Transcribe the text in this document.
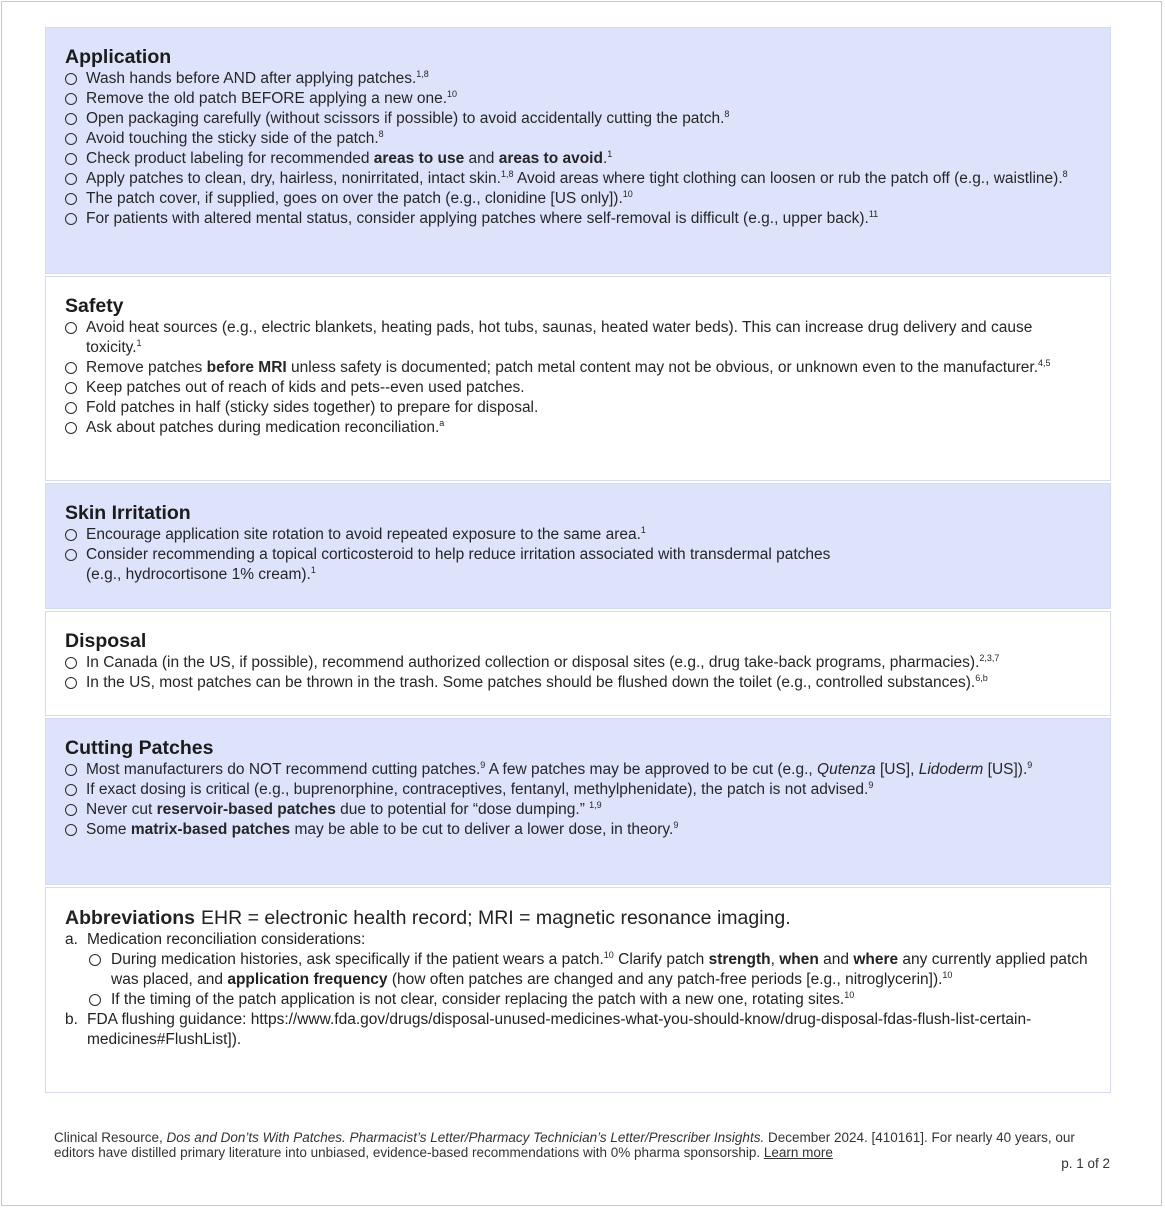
Application
Wash hands before AND after applying patches.$^{1,8}$
Remove the old patch BEFORE applying a new one.$^{10}$
Open packaging carefully (without scissors if possible) to avoid accidentally cutting the patch.$^8$
Avoid touching the sticky side of the patch.$^8$
Check product labeling for recommended areas to use and areas to avoid.$^1$
Apply patches to clean, dry, hairless, nonirritated, intact skin.$^{1,8}$ Avoid areas where tight clothing can loosen or rub the patch off (e.g., waistline).$^8$
The patch cover, if supplied, goes on over the patch (e.g., clonidine [US only]).$^{10}$
For patients with altered mental status, consider applying patches where self-removal is difficult (e.g., upper back).$^{11}$
Safety
Avoid heat sources (e.g., electric blankets, heating pads, hot tubs, saunas, heated water beds). This can increase drug delivery and cause toxicity.$^1$
Remove patches before MRI unless safety is documented; patch metal content may not be obvious, or unknown even to the manufacturer.$^{4,5}$
Keep patches out of reach of kids and pets--even used patches.
Fold patches in half (sticky sides together) to prepare for disposal.
Ask about patches during medication reconciliation.$^a$
Skin Irritation
Encourage application site rotation to avoid repeated exposure to the same area.$^1$
Consider recommending a topical corticosteroid to help reduce irritation associated with transdermal patches
(e.g., hydrocortisone 1% cream).$^1$
Disposal
In Canada (in the US, if possible), recommend authorized collection or disposal sites (e.g., drug take-back programs, pharmacies).$^{2,3,7}$
In the US, most patches can be thrown in the trash. Some patches should be flushed down the toilet (e.g., controlled substances).$^{6,b}$
Cutting Patches
Most manufacturers do NOT recommend cutting patches.$^9$ A few patches may be approved to be cut (e.g., Qutenza [US], Lidoderm [US]).$^9$
If exact dosing is critical (e.g., buprenorphine, contraceptives, fentanyl, methylphenidate), the patch is not advised.$^9$
Never cut reservoir-based patches due to potential for “dose dumping.” $^{1,9}$
Some matrix-based patches may be able to be cut to deliver a lower dose, in theory.$^9$
Abbreviations EHR = electronic health record; MRI = magnetic resonance imaging.
a. Medication reconciliation considerations:
During medication histories, ask specifically if the patient wears a patch.$^{10}$ Clarify patch strength, when and where any currently applied patch was placed, and application frequency (how often patches are changed and any patch-free periods [e.g., nitroglycerin]).$^{10}$
If the timing of the patch application is not clear, consider replacing the patch with a new one, rotating sites.$^{10}$
b. FDA flushing guidance: https://www.fda.gov/drugs/disposal-unused-medicines-what-you-should-know/drug-disposal-fdas-flush-list-certain-medicines#FlushList]).
Clinical Resource, Dos and Don’ts With Patches. Pharmacist’s Letter/Pharmacy Technician’s Letter/Prescriber Insights. December 2024. [410161]. For nearly 40 years, our editors have distilled primary literature into unbiased, evidence-based recommendations with 0% pharma sponsorship. Learn more
p. 1 of 2
